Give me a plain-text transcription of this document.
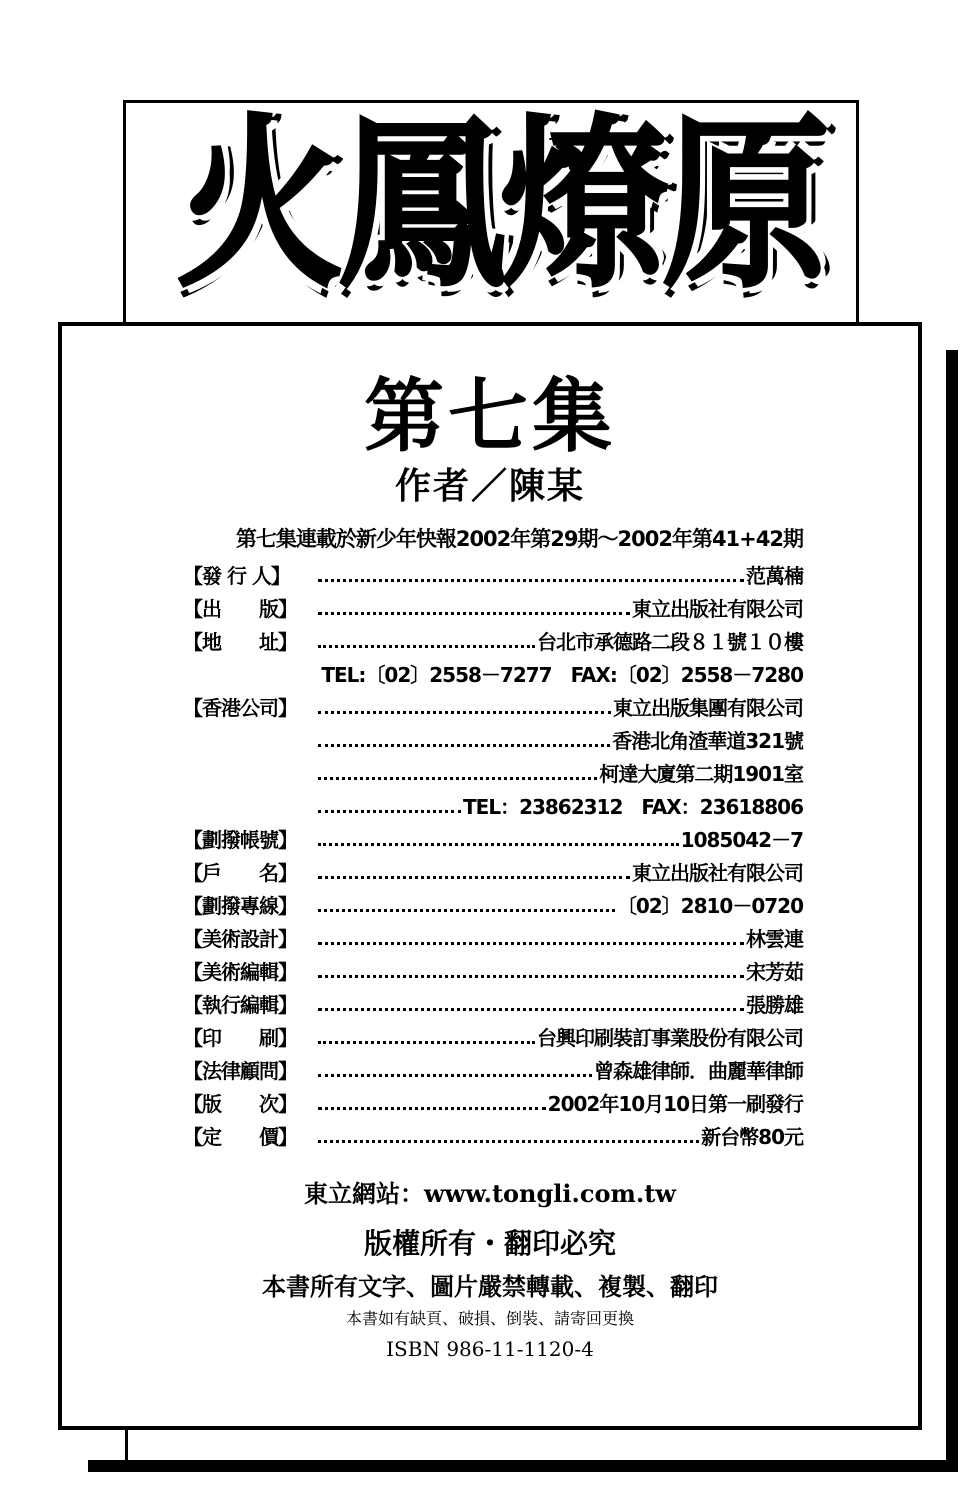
火鳳燎原
第七集
作者／陳某
第七集連載於新少年快報2002年第29期～2002年第41+42期
【發 行 人】	范萬楠
【出　　版】	東立出版社有限公司
【地　　址】	台北市承德路二段８１號１０樓
TEL:〔02〕2558－7277　FAX:〔02〕2558－7280
【香港公司】	東立出版集團有限公司
香港北角渣華道321號
柯達大廈第二期1901室
TEL：23862312　FAX：23618806
【劃撥帳號】	1085042－7
【戶　　名】	東立出版社有限公司
【劃撥專線】	〔02〕2810－0720
【美術設計】	林雲連
【美術編輯】	宋芳茹
【執行編輯】	張勝雄
【印　　刷】	台興印刷裝訂事業股份有限公司
【法律顧問】	曾森雄律師．曲麗華律師
【版　　次】	2002年10月10日第一刷發行
【定　　價】	新台幣80元
東立網站：www.tongli.com.tw
版權所有・翻印必究
本書所有文字、圖片嚴禁轉載、複製、翻印
本書如有缺頁、破損、倒裝、請寄回更換
ISBN 986-11-1120-4
